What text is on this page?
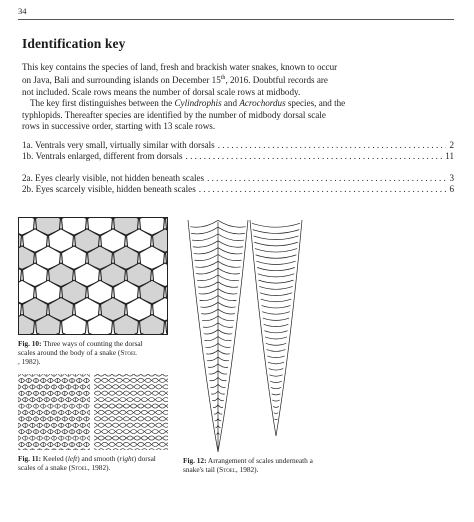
34
Identification key
This key contains the species of land, fresh and brackish water snakes, known to occur
on Java, Bali and surrounding islands on December 15th, 2016. Doubtful records are
not included. Scale rows means the number of dorsal scale rows at midbody.
The key first distinguishes between the Cylindrophis and Acrochordus species, and the
typhlopids. Thereafter species are identified by the number of midbody dorsal scale
rows in successive order, starting with 13 scale rows.
1a.
Ventrals very small, virtually similar with dorsals . . .	2
1b.
Ventrals enlarged, different from dorsals . . .	11
2a.
Eyes clearly visible, not hidden beneath scales . . .	3
2b.
Eyes scarcely visible, hidden beneath scales . . .	6
Fig. 10: Three ways of counting the dorsal
scales around the body of a snake (Stoel
, 1982).
Fig. 11: Keeled (left) and smooth (right) dorsal
scales of a snake (Stoel, 1982).
Fig. 12: Arrangement of scales underneath a
snake's tail (Stoel, 1982).
